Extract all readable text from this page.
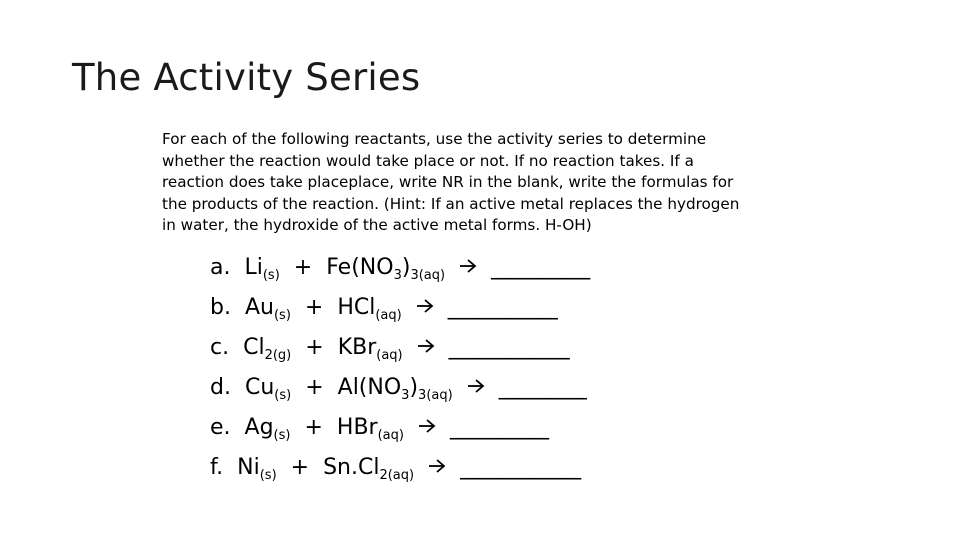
The Activity Series
For each of the following reactants, use the activity series to determine
whether the reaction would take place or not. If no reaction takes. If a
reaction does take placeplace, write NR in the blank, write the formulas for
the products of the reaction. (Hint: If an active metal replaces the hydrogen
in water, the hydroxide of the active metal forms. H-OH)
a. $Li_{(s)} + Fe(NO_3)_{3(aq)}$ _________
b. $Au_{(s)} + HCl_{(aq)}$ __________
c. $Cl_{2(g)} + KBr_{(aq)}$ ___________
d. $Cu_{(s)} + Al(NO_3)_{3(aq)}$ ________
e. $Ag_{(s)} + HBr_{(aq)}$ _________
f. $Ni_{(s)} + Sn.Cl_{2(aq)}$ ___________
